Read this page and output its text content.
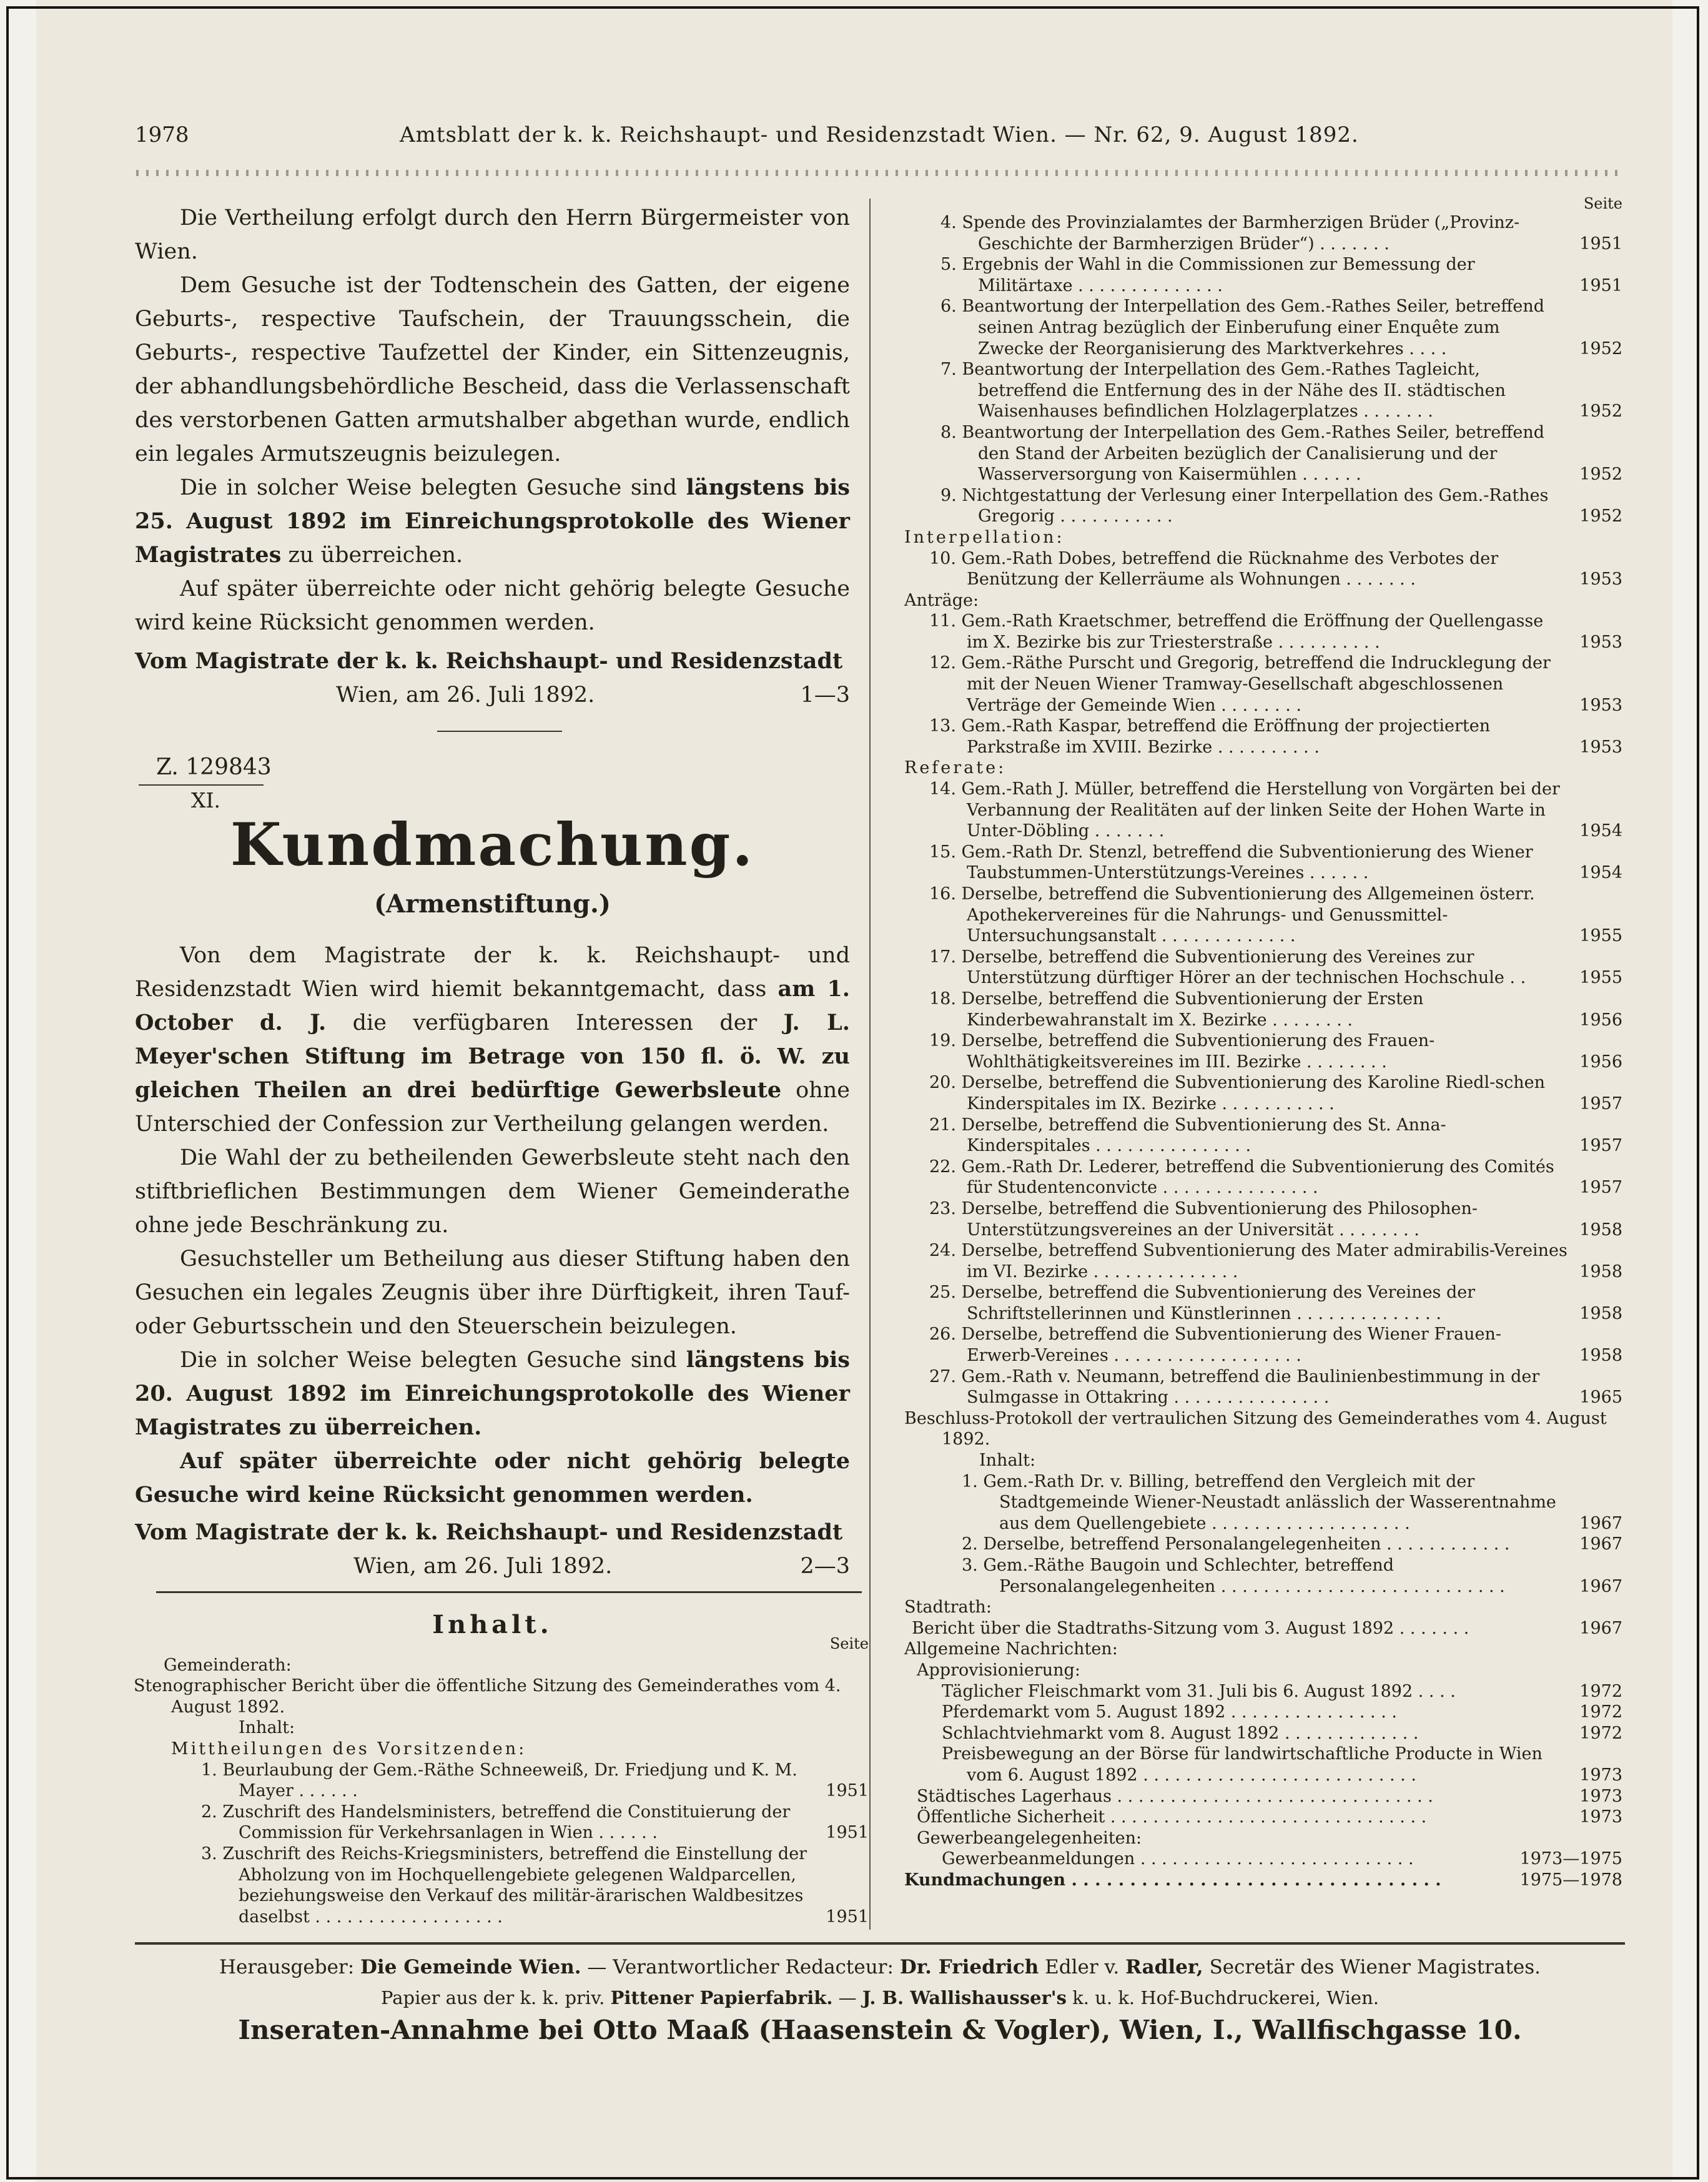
1978	Amtsblatt der k. k. Reichshaupt- und Residenzstadt Wien. — Nr. 62, 9. August 1892.

Die Vertheilung erfolgt durch den Herrn Bürgermeister von Wien.

Dem Gesuche ist der Todtenschein des Gatten, der eigene Geburts-, respective Taufschein, der Trauungsschein, die Geburts-, respective Taufzettel der Kinder, ein Sittenzeugnis, der abhandlungsbehördliche Bescheid, dass die Verlassenschaft des verstorbenen Gatten armutshalber abgethan wurde, endlich ein legales Armutszeugnis beizulegen.

Die in solcher Weise belegten Gesuche sind längstens bis 25. August 1892 im Einreichungsprotokolle des Wiener Magistrates zu überreichen.

Auf später überreichte oder nicht gehörig belegte Gesuche wird keine Rücksicht genommen werden.

Vom Magistrate der k. k. Reichshaupt- und Residenzstadt

Wien, am 26. Juli 1892.	1—3
Z. 129843
XI.
Kundmachung.
(Armenstiftung.)

Von dem Magistrate der k. k. Reichshaupt- und Residenzstadt Wien wird hiemit bekanntgemacht, dass am 1. October d. J. die verfügbaren Interessen der J. L. Meyer'schen Stiftung im Betrage von 150 fl. ö. W. zu gleichen Theilen an drei bedürftige Gewerbsleute ohne Unterschied der Confession zur Vertheilung gelangen werden.

Die Wahl der zu betheilenden Gewerbsleute steht nach den stiftbrieflichen Bestimmungen dem Wiener Gemeinderathe ohne jede Beschränkung zu.

Gesuchsteller um Betheilung aus dieser Stiftung haben den Gesuchen ein legales Zeugnis über ihre Dürftigkeit, ihren Tauf- oder Geburtsschein und den Steuerschein beizulegen.

Die in solcher Weise belegten Gesuche sind längstens bis 20. August 1892 im Einreichungsprotokolle des Wiener Magistrates zu überreichen.

Auf später überreichte oder nicht gehörig belegte Gesuche wird keine Rücksicht genommen werden.

Vom Magistrate der k. k. Reichshaupt- und Residenzstadt

Wien, am 26. Juli 1892.	2—3
Inhalt.
Seite
Gemeinderath:
Stenographischer Bericht über die öffentliche Sitzung des Gemeinderathes vom 4. August 1892.
Inhalt:
Mittheilungen des Vorsitzenden:
1. Beurlaubung der Gem.-Räthe Schneeweiß, Dr. Friedjung und K. M. Mayer . . . . . .	1951
2. Zuschrift des Handelsministers, betreffend die Constituierung der Commission für Verkehrsanlagen in Wien . . . . . .	1951
3. Zuschrift des Reichs-Kriegsministers, betreffend die Einstellung der Abholzung von im Hochquellengebiete gelegenen Waldparcellen, beziehungsweise den Verkauf des militär-ärarischen Waldbesitzes daselbst . . . . . . . . . . . . . . . . . .	1951
Seite
4. Spende des Provinzialamtes der Barmherzigen Brüder („Provinz-Geschichte der Barmherzigen Brüder“) . . . . . . .	1951
5. Ergebnis der Wahl in die Commissionen zur Bemessung der Militärtaxe . . . . . . . . . . . . . .	1951
6. Beantwortung der Interpellation des Gem.-Rathes Seiler, betreffend seinen Antrag bezüglich der Einberufung einer Enquête zum Zwecke der Reorganisierung des Marktverkehres . . . .	1952
7. Beantwortung der Interpellation des Gem.-Rathes Tagleicht, betreffend die Entfernung des in der Nähe des II. städtischen Waisenhauses befindlichen Holzlagerplatzes . . . . . . .	1952
8. Beantwortung der Interpellation des Gem.-Rathes Seiler, betreffend den Stand der Arbeiten bezüglich der Canalisierung und der Wasserversorgung von Kaisermühlen . . . . . .	1952
9. Nichtgestattung der Verlesung einer Interpellation des Gem.-Rathes Gregorig . . . . . . . . . . .	1952
Interpellation:
10. Gem.-Rath Dobes, betreffend die Rücknahme des Verbotes der Benützung der Kellerräume als Wohnungen . . . . . . .	1953
Anträge:
11. Gem.-Rath Kraetschmer, betreffend die Eröffnung der Quellengasse im X. Bezirke bis zur Triesterstraße . . . . . . . . . .	1953
12. Gem.-Räthe Purscht und Gregorig, betreffend die Indrucklegung der mit der Neuen Wiener Tramway-Gesellschaft abgeschlossenen Verträge der Gemeinde Wien . . . . . . . .	1953
13. Gem.-Rath Kaspar, betreffend die Eröffnung der projectierten Parkstraße im XVIII. Bezirke . . . . . . . . . .	1953
Referate:
14. Gem.-Rath J. Müller, betreffend die Herstellung von Vorgärten bei der Verbannung der Realitäten auf der linken Seite der Hohen Warte in Unter-Döbling . . . . . . .	1954
15. Gem.-Rath Dr. Stenzl, betreffend die Subventionierung des Wiener Taubstummen-Unterstützungs-Vereines . . . . . .	1954
16. Derselbe, betreffend die Subventionierung des Allgemeinen österr. Apothekervereines für die Nahrungs- und Genussmittel-Untersuchungsanstalt . . . . . . . . . . . . .	1955
17. Derselbe, betreffend die Subventionierung des Vereines zur Unterstützung dürftiger Hörer an der technischen Hochschule . .	1955
18. Derselbe, betreffend die Subventionierung der Ersten Kinderbewahranstalt im X. Bezirke . . . . . . . .	1956
19. Derselbe, betreffend die Subventionierung des Frauen-Wohlthätigkeitsvereines im III. Bezirke . . . . . . . .	1956
20. Derselbe, betreffend die Subventionierung des Karoline Riedl-schen Kinderspitales im IX. Bezirke . . . . . . . . . . .	1957
21. Derselbe, betreffend die Subventionierung des St. Anna-Kinderspitales . . . . . . . . . . . . . . .	1957
22. Gem.-Rath Dr. Lederer, betreffend die Subventionierung des Comités für Studentenconvicte . . . . . . . . . . . . . . .	1957
23. Derselbe, betreffend die Subventionierung des Philosophen-Unterstützungsvereines an der Universität . . . . . . . .	1958
24. Derselbe, betreffend Subventionierung des Mater admirabilis-Vereines im VI. Bezirke . . . . . . . . . . . . . .	1958
25. Derselbe, betreffend die Subventionierung des Vereines der Schriftstellerinnen und Künstlerinnen . . . . . . . . . . . . . .	1958
26. Derselbe, betreffend die Subventionierung des Wiener Frauen-Erwerb-Vereines . . . . . . . . . . . . . . . . . .	1958
27. Gem.-Rath v. Neumann, betreffend die Baulinienbestimmung in der Sulmgasse in Ottakring . . . . . . . . . . . . . . .	1965
Beschluss-Protokoll der vertraulichen Sitzung des Gemeinderathes vom 4. August 1892.
Inhalt:
1. Gem.-Rath Dr. v. Billing, betreffend den Vergleich mit der Stadtgemeinde Wiener-Neustadt anlässlich der Wasserentnahme aus dem Quellengebiete . . . . . . . . . . . . . . . . . . .	1967
2. Derselbe, betreffend Personalangelegenheiten . . . . . . . . . . . .	1967
3. Gem.-Räthe Baugoin und Schlechter, betreffend Personalangelegenheiten . . . . . . . . . . . . . . . . . . . . . . . . . . .	1967
Stadtrath:
Bericht über die Stadtraths-Sitzung vom 3. August 1892 . . . . . . .	1967
Allgemeine Nachrichten:
Approvisionierung:
Täglicher Fleischmarkt vom 31. Juli bis 6. August 1892 . . . .	1972
Pferdemarkt vom 5. August 1892 . . . . . . . . . . . . . . . .	1972
Schlachtviehmarkt vom 8. August 1892 . . . . . . . . . . . . .	1972
Preisbewegung an der Börse für landwirtschaftliche Producte in Wien vom 6. August 1892 . . . . . . . . . . . . . . . . . . . . . . . . . .	1973
Städtisches Lagerhaus . . . . . . . . . . . . . . . . . . . . . . . . . . . . . .	1973
Öffentliche Sicherheit . . . . . . . . . . . . . . . . . . . . . . . . . . . . . .	1973
Gewerbeangelegenheiten:
Gewerbeanmeldungen . . . . . . . . . . . . . . . . . . . . . . . . . .	1973—1975
Kundmachungen . . . . . . . . . . . . . . . . . . . . . . . . . . . . . . . .	1975—1978
Herausgeber: Die Gemeinde Wien. — Verantwortlicher Redacteur: Dr. Friedrich Edler v. Radler, Secretär des Wiener Magistrates.
Papier aus der k. k. priv. Pittener Papierfabrik. — J. B. Wallishausser's k. u. k. Hof-Buchdruckerei, Wien.
Inseraten-Annahme bei Otto Maaß (Haasenstein & Vogler), Wien, I., Wallfischgasse 10.
